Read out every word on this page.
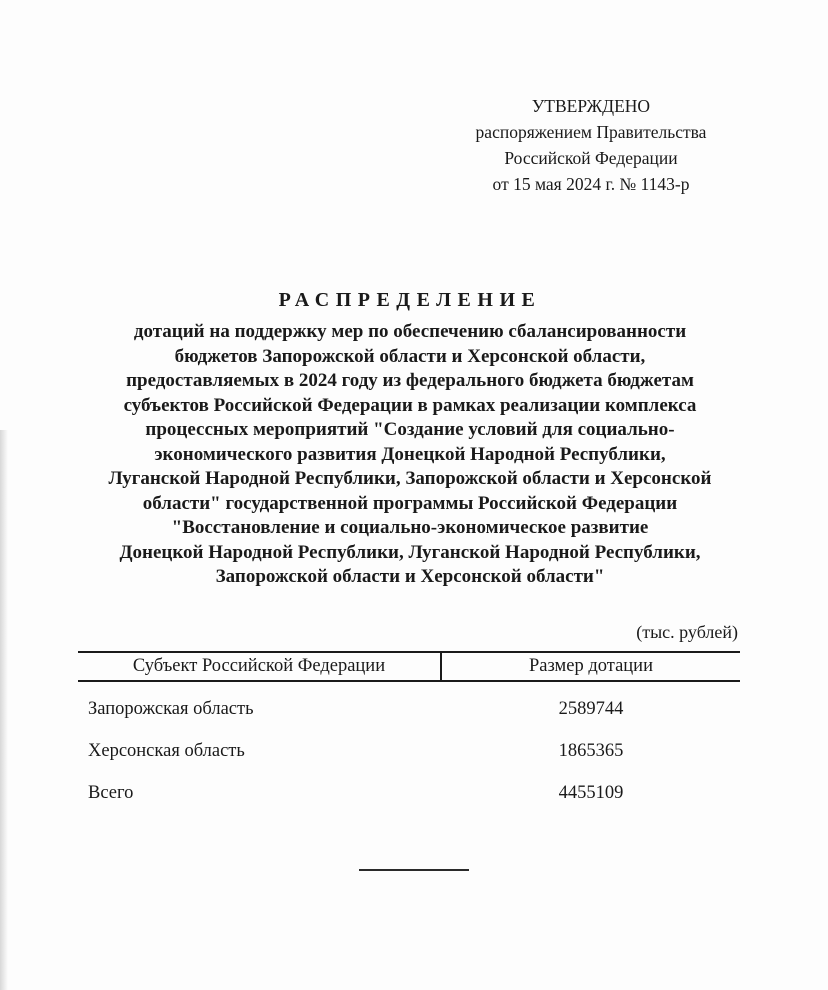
УТВЕРЖДЕНО
распоряжением Правительства
Российской Федерации
от 15 мая 2024 г. № 1143-р
РАСПРЕДЕЛЕНИЕ
дотаций на поддержку мер по обеспечению сбалансированности
бюджетов Запорожской области и Херсонской области,
предоставляемых в 2024 году из федерального бюджета бюджетам
субъектов Российской Федерации в рамках реализации комплекса
процессных мероприятий "Создание условий для социально-
экономического развития Донецкой Народной Республики,
Луганской Народной Республики, Запорожской области и Херсонской
области" государственной программы Российской Федерации
"Восстановление и социально-экономическое развитие
Донецкой Народной Республики, Луганской Народной Республики,
Запорожской области и Херсонской области"
(тыс. рублей)
Субъект Российской Федерации	Размер дотации
Запорожская область	2589744
Херсонская область	1865365
Всего	4455109
